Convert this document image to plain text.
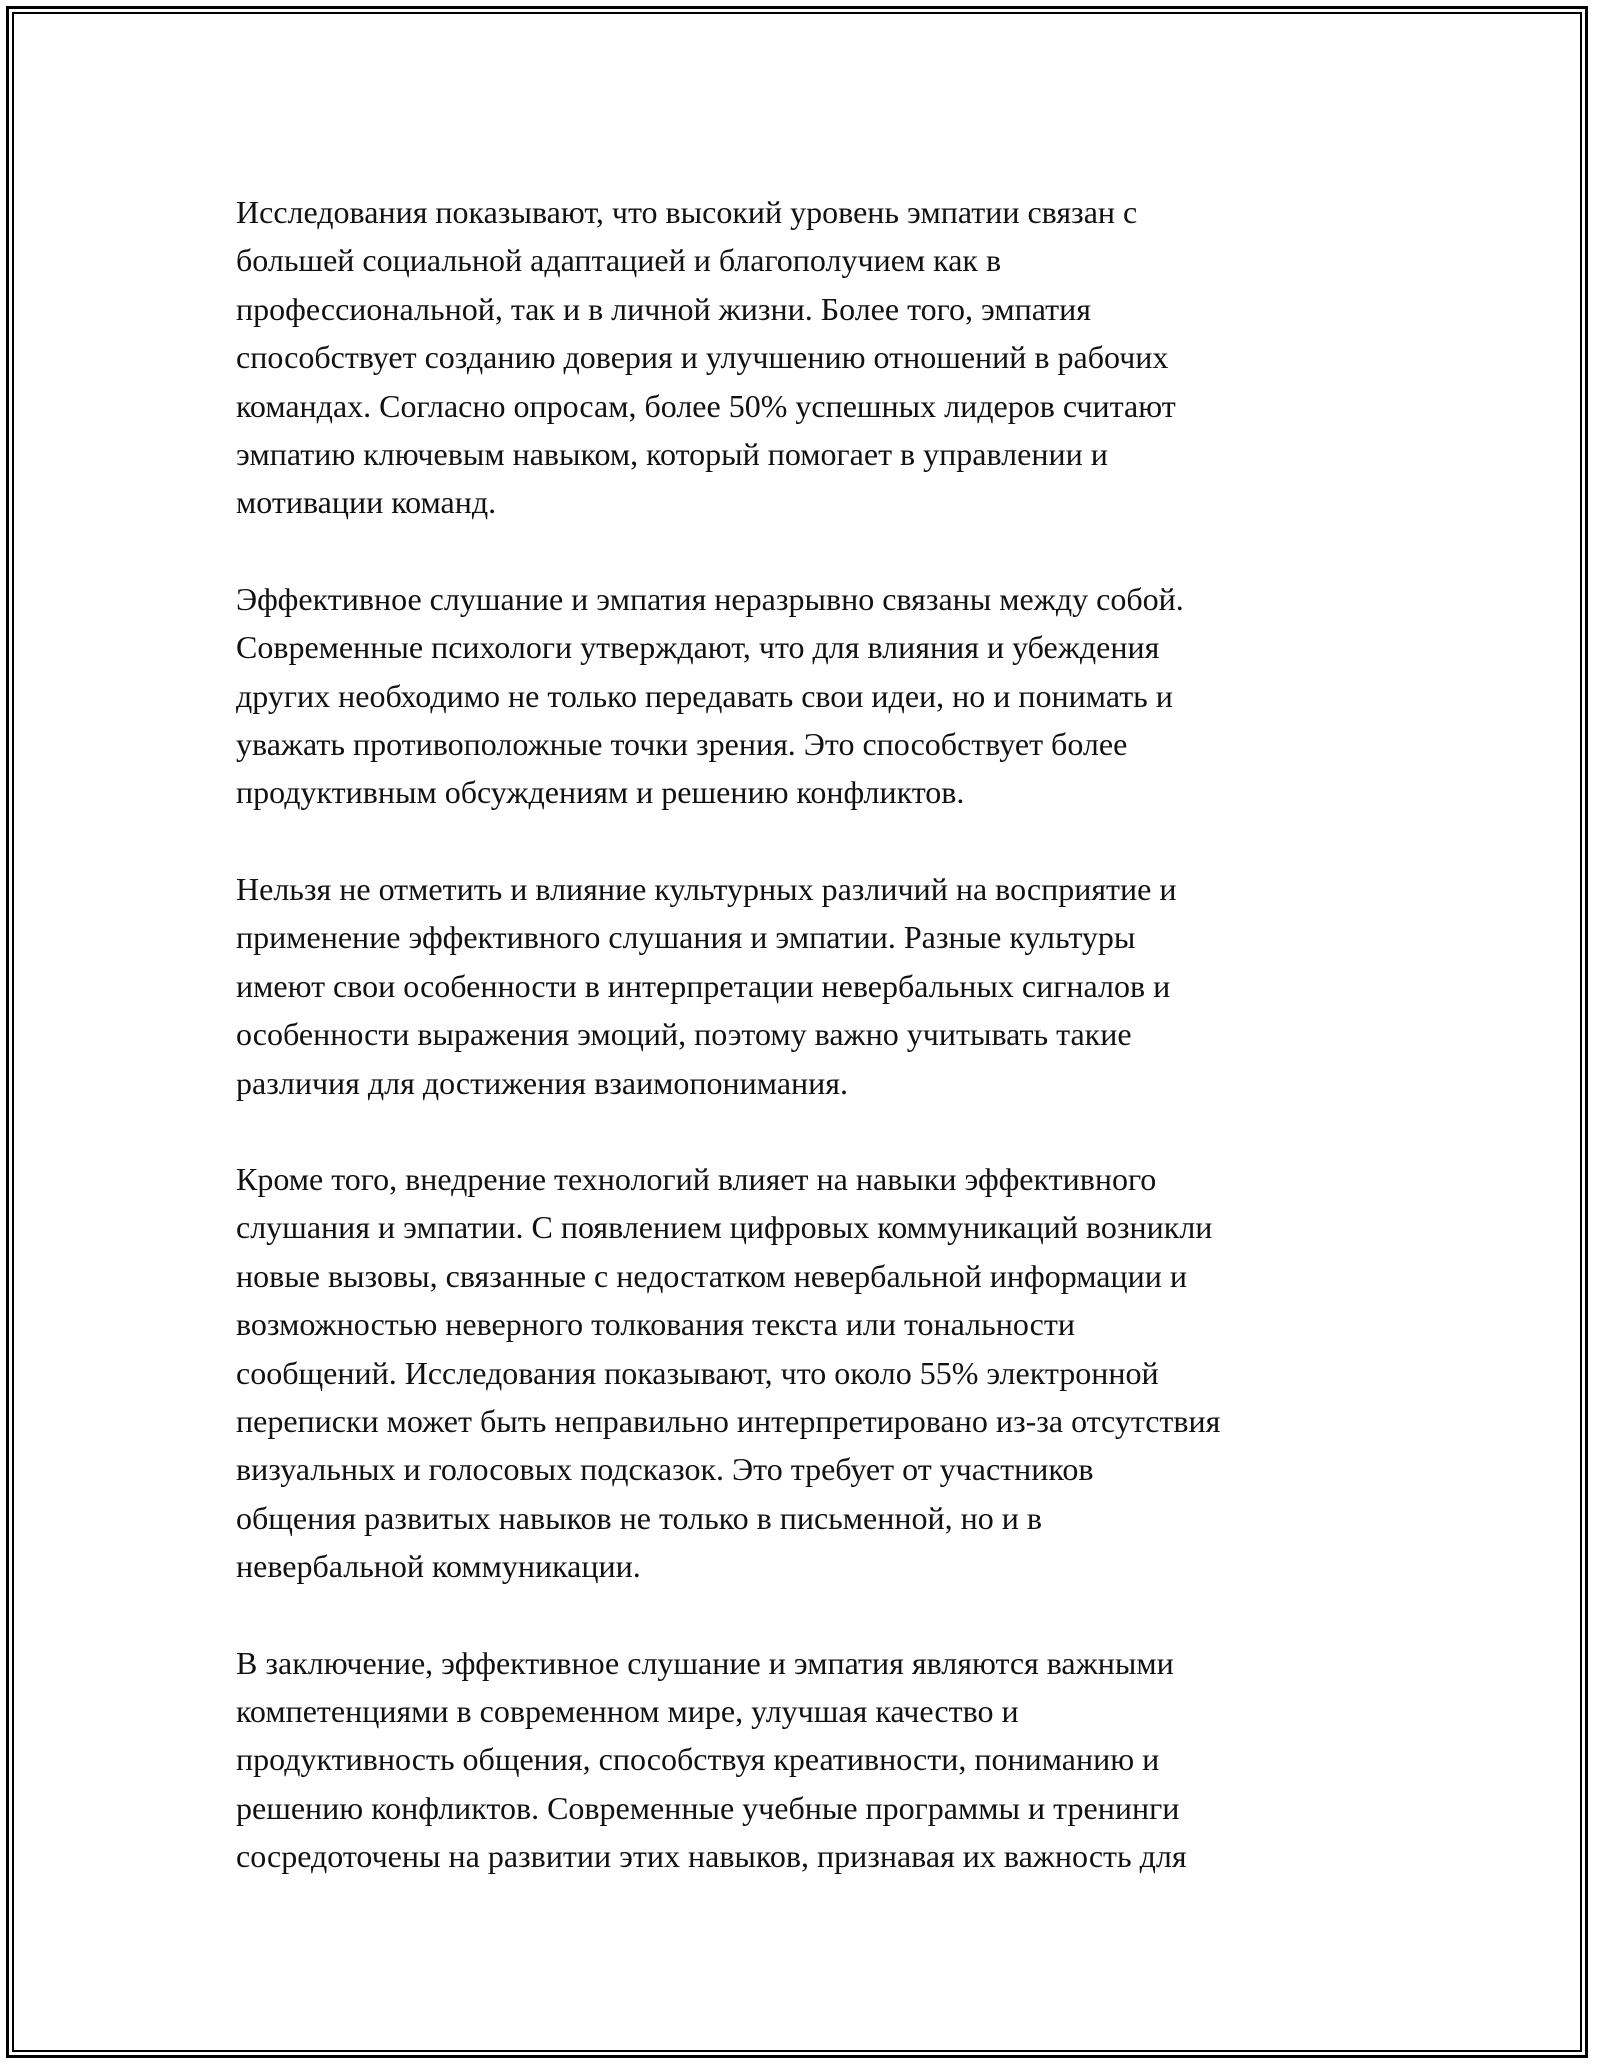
Исследования показывают, что высокий уровень эмпатии связан с
большей социальной адаптацией и благополучием как в
профессиональной, так и в личной жизни. Более того, эмпатия
способствует созданию доверия и улучшению отношений в рабочих
командах. Согласно опросам, более 50% успешных лидеров считают
эмпатию ключевым навыком, который помогает в управлении и
мотивации команд.

Эффективное слушание и эмпатия неразрывно связаны между собой.
Современные психологи утверждают, что для влияния и убеждения
других необходимо не только передавать свои идеи, но и понимать и
уважать противоположные точки зрения. Это способствует более
продуктивным обсуждениям и решению конфликтов.

Нельзя не отметить и влияние культурных различий на восприятие и
применение эффективного слушания и эмпатии. Разные культуры
имеют свои особенности в интерпретации невербальных сигналов и
особенности выражения эмоций, поэтому важно учитывать такие
различия для достижения взаимопонимания.

Кроме того, внедрение технологий влияет на навыки эффективного
слушания и эмпатии. С появлением цифровых коммуникаций возникли
новые вызовы, связанные с недостатком невербальной информации и
возможностью неверного толкования текста или тональности
сообщений. Исследования показывают, что около 55% электронной
переписки может быть неправильно интерпретировано из-за отсутствия
визуальных и голосовых подсказок. Это требует от участников
общения развитых навыков не только в письменной, но и в
невербальной коммуникации.

В заключение, эффективное слушание и эмпатия являются важными
компетенциями в современном мире, улучшая качество и
продуктивность общения, способствуя креативности, пониманию и
решению конфликтов. Современные учебные программы и тренинги
сосредоточены на развитии этих навыков, признавая их важность для
